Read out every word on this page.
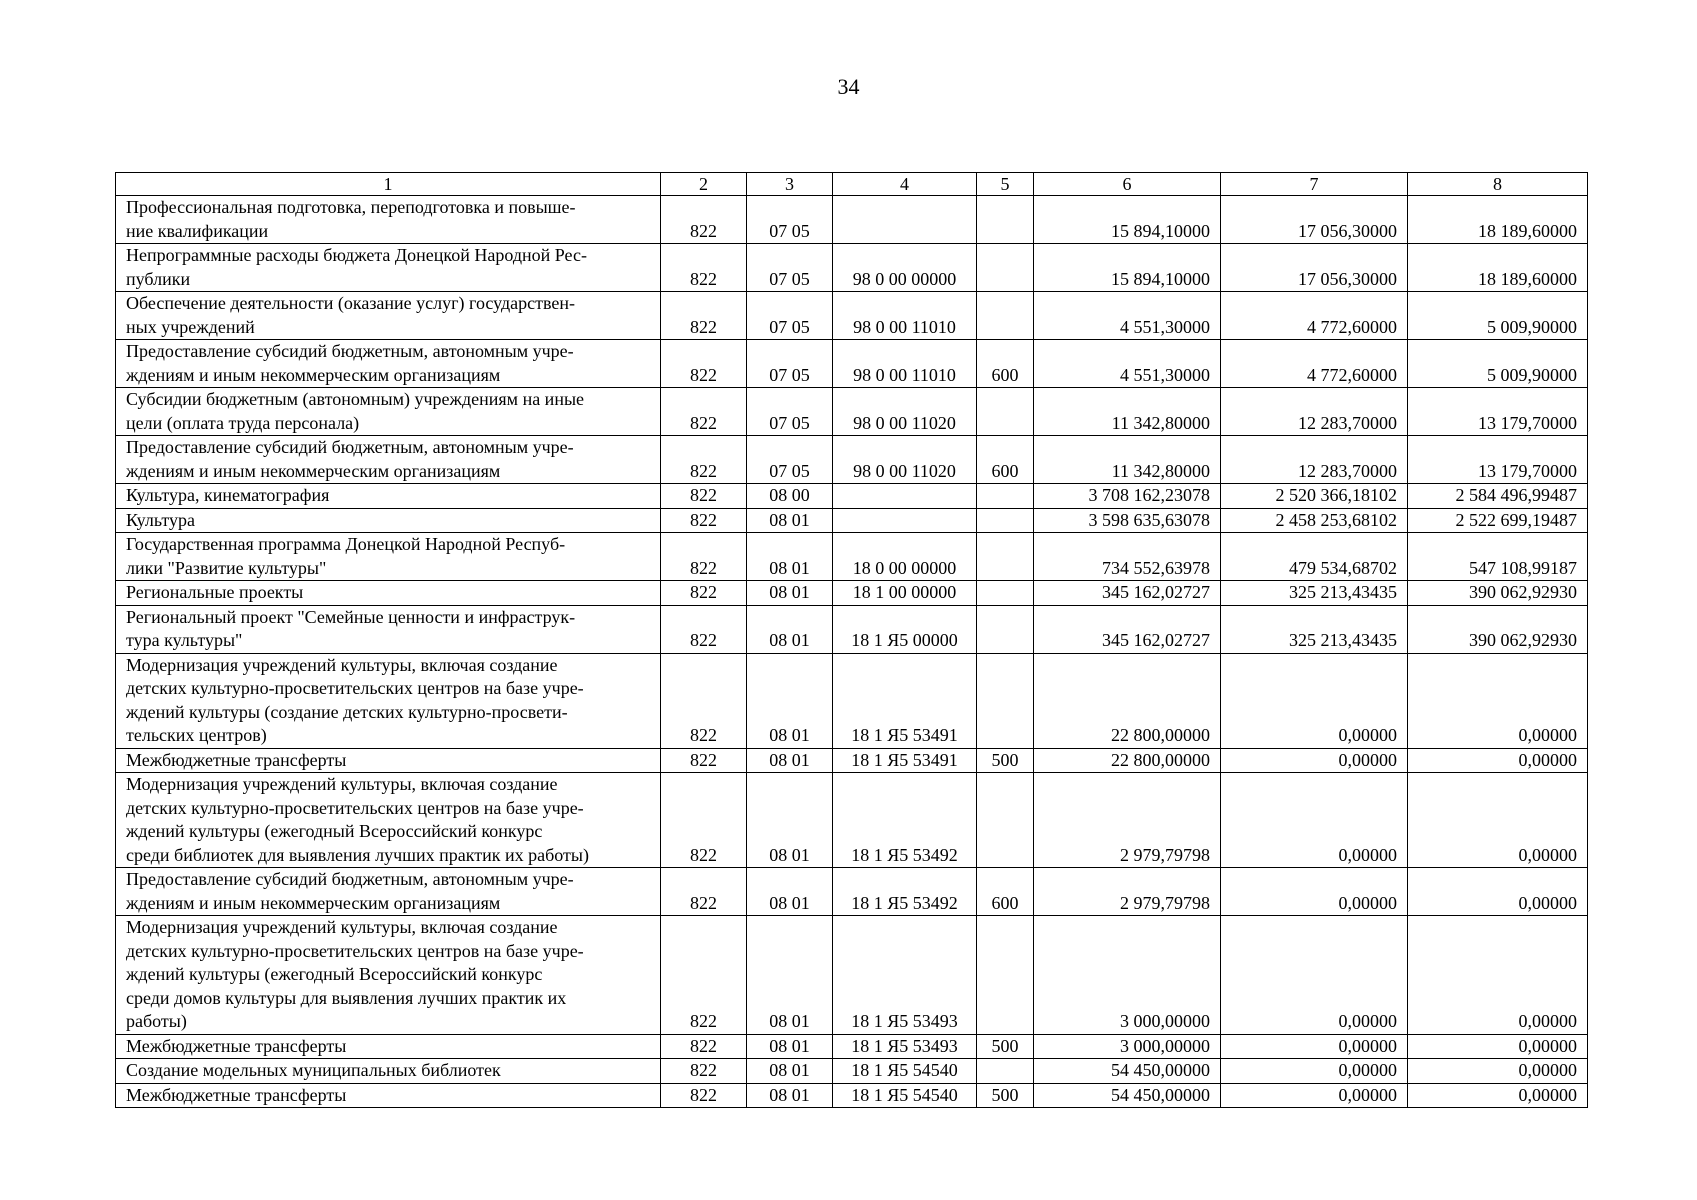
34
1	2	3	4	5	6	7	8
Профессиональная подготовка, переподготовка и повыше-
ние квалификации	822	07 05			15 894,10000	17 056,30000	18 189,60000
Непрограммные расходы бюджета Донецкой Народной Рес-
публики	822	07 05	98 0 00 00000		15 894,10000	17 056,30000	18 189,60000
Обеспечение деятельности (оказание услуг) государствен-
ных учреждений	822	07 05	98 0 00 11010		4 551,30000	4 772,60000	5 009,90000
Предоставление субсидий бюджетным, автономным учре-
ждениям и иным некоммерческим организациям	822	07 05	98 0 00 11010	600	4 551,30000	4 772,60000	5 009,90000
Субсидии бюджетным (автономным) учреждениям на иные
цели (оплата труда персонала)	822	07 05	98 0 00 11020		11 342,80000	12 283,70000	13 179,70000
Предоставление субсидий бюджетным, автономным учре-
ждениям и иным некоммерческим организациям	822	07 05	98 0 00 11020	600	11 342,80000	12 283,70000	13 179,70000
Культура, кинематография	822	08 00			3 708 162,23078	2 520 366,18102	2 584 496,99487
Культура	822	08 01			3 598 635,63078	2 458 253,68102	2 522 699,19487
Государственная программа Донецкой Народной Респуб-
лики "Развитие культуры"	822	08 01	18 0 00 00000		734 552,63978	479 534,68702	547 108,99187
Региональные проекты	822	08 01	18 1 00 00000		345 162,02727	325 213,43435	390 062,92930
Региональный проект "Семейные ценности и инфраструк-
тура культуры"	822	08 01	18 1 Я5 00000		345 162,02727	325 213,43435	390 062,92930
Модернизация учреждений культуры, включая создание
детских культурно-просветительских центров на базе учре-
ждений культуры (создание детских культурно-просвети-
тельских центров)	822	08 01	18 1 Я5 53491		22 800,00000	0,00000	0,00000
Межбюджетные трансферты	822	08 01	18 1 Я5 53491	500	22 800,00000	0,00000	0,00000
Модернизация учреждений культуры, включая создание
детских культурно-просветительских центров на базе учре-
ждений культуры (ежегодный Всероссийский конкурс
среди библиотек для выявления лучших практик их работы)	822	08 01	18 1 Я5 53492		2 979,79798	0,00000	0,00000
Предоставление субсидий бюджетным, автономным учре-
ждениям и иным некоммерческим организациям	822	08 01	18 1 Я5 53492	600	2 979,79798	0,00000	0,00000
Модернизация учреждений культуры, включая создание
детских культурно-просветительских центров на базе учре-
ждений культуры (ежегодный Всероссийский конкурс
среди домов культуры для выявления лучших практик их
работы)	822	08 01	18 1 Я5 53493		3 000,00000	0,00000	0,00000
Межбюджетные трансферты	822	08 01	18 1 Я5 53493	500	3 000,00000	0,00000	0,00000
Создание модельных муниципальных библиотек	822	08 01	18 1 Я5 54540		54 450,00000	0,00000	0,00000
Межбюджетные трансферты	822	08 01	18 1 Я5 54540	500	54 450,00000	0,00000	0,00000
